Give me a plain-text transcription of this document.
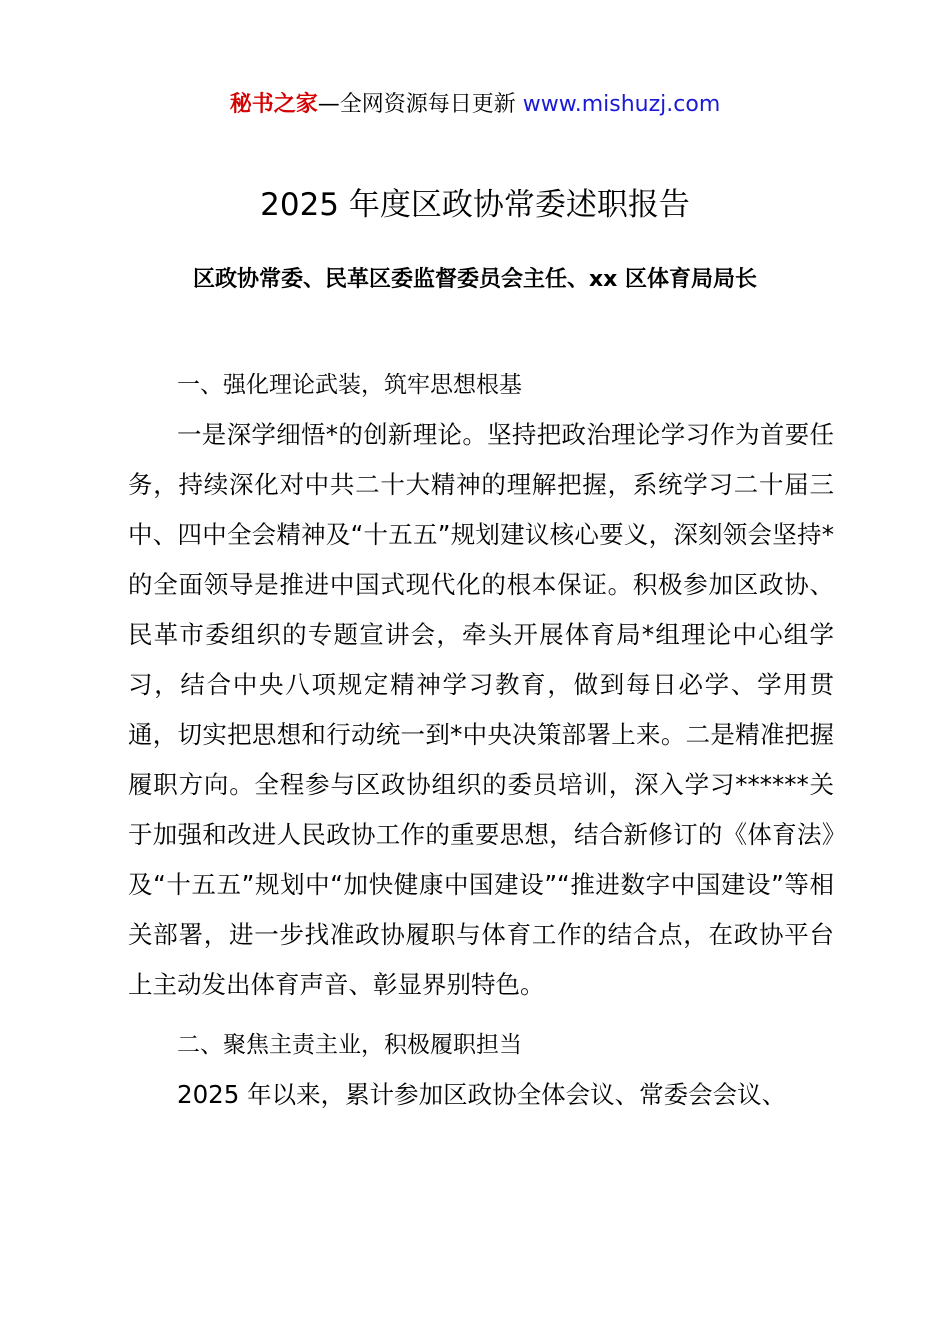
秘书之家—全网资源每日更新 www.mishuzj.com
2025 年度区政协常委述职报告
区政协常委、民革区委监督委员会主任、xx 区体育局局长

一、强化理论武装，筑牢思想根基

一是深学细悟*的创新理论。坚持把政治理论学习作为首要任务，持续深化对中共二十大精神的理解把握，系统学习二十届三中、四中全会精神及“十五五”规划建议核心要义，深刻领会坚持*的全面领导是推进中国式现代化的根本保证。积极参加区政协、民革市委组织的专题宣讲会，牵头开展体育局*组理论中心组学习，结合中央八项规定精神学习教育，做到每日必学、学用贯通，切实把思想和行动统一到*中央决策部署上来。二是精准把握履职方向。全程参与区政协组织的委员培训，深入学习******关于加强和改进人民政协工作的重要思想，结合新修订的《体育法》及“十五五”规划中“加快健康中国建设”“推进数字中国建设”等相关部署，进一步找准政协履职与体育工作的结合点，在政协平台上主动发出体育声音、彰显界别特色。

二、聚焦主责主业，积极履职担当

2025 年以来，累计参加区政协全体会议、常委会会议、
